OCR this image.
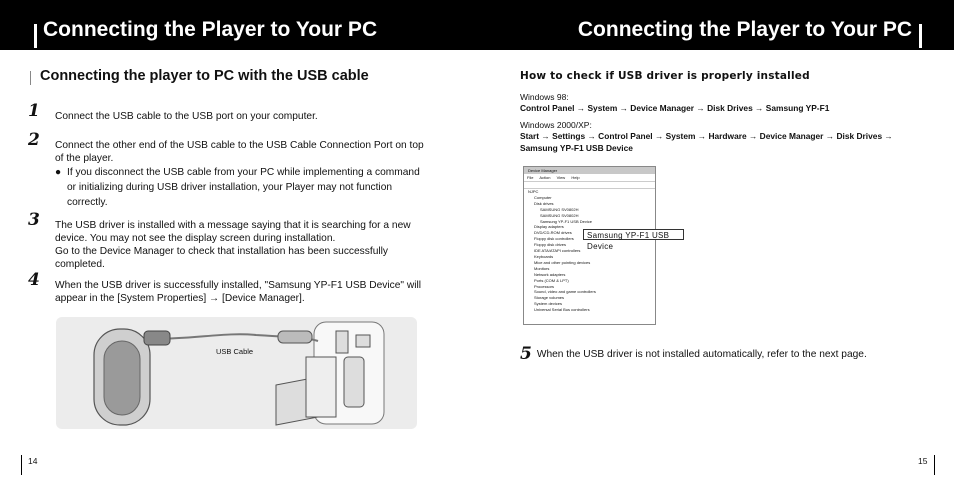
Connecting the Player to Your PC	Connecting the Player to Your PC
Connecting the player to PC with the USB cable
1 Connect the USB cable to the USB port on your computer.
2 Connect the other end of the USB cable to the USB Cable Connection Port on top of the player.
● If you disconnect the USB cable from your PC while implementing a command or initializing during USB driver installation, your Player may not function correctly.
3 The USB driver is installed with a message saying that it is searching for a new device. You may not see the display screen during installation.
Go to the Device Manager to check that installation has been successfully completed.
4 When the USB driver is successfully installed, "Samsung YP-F1 USB Device" will appear in the [System Properties] → [Device Manager].
USB Cable
How to check if USB driver is properly installed
Windows 98:
Control Panel → System → Device Manager → Disk Drives → Samsung YP-F1
Windows 2000/XP:
Start → Settings → Control Panel → System → Hardware → Device Manager → Disk Drives → Samsung YP-F1 USB Device
Device Manager
File Action View Help
NJPC
Computer
Disk drives
SAMSUNG SV0802H
SAMSUNG SV0802H
Samsung YP-F1 USB Device
Display adapters
DVD/CD-ROM drives
Floppy disk controllers
Floppy disk drives
IDE ATA/ATAPI controllers
Keyboards
Mice and other pointing devices
Monitors
Network adapters
Ports (COM & LPT)
Processors
Sound, video and game controllers
Storage volumes
System devices
Universal Serial Bus controllers
Samsung YP-F1 USB Device
5 When the USB driver is not installed automatically, refer to the next page.
14	15
